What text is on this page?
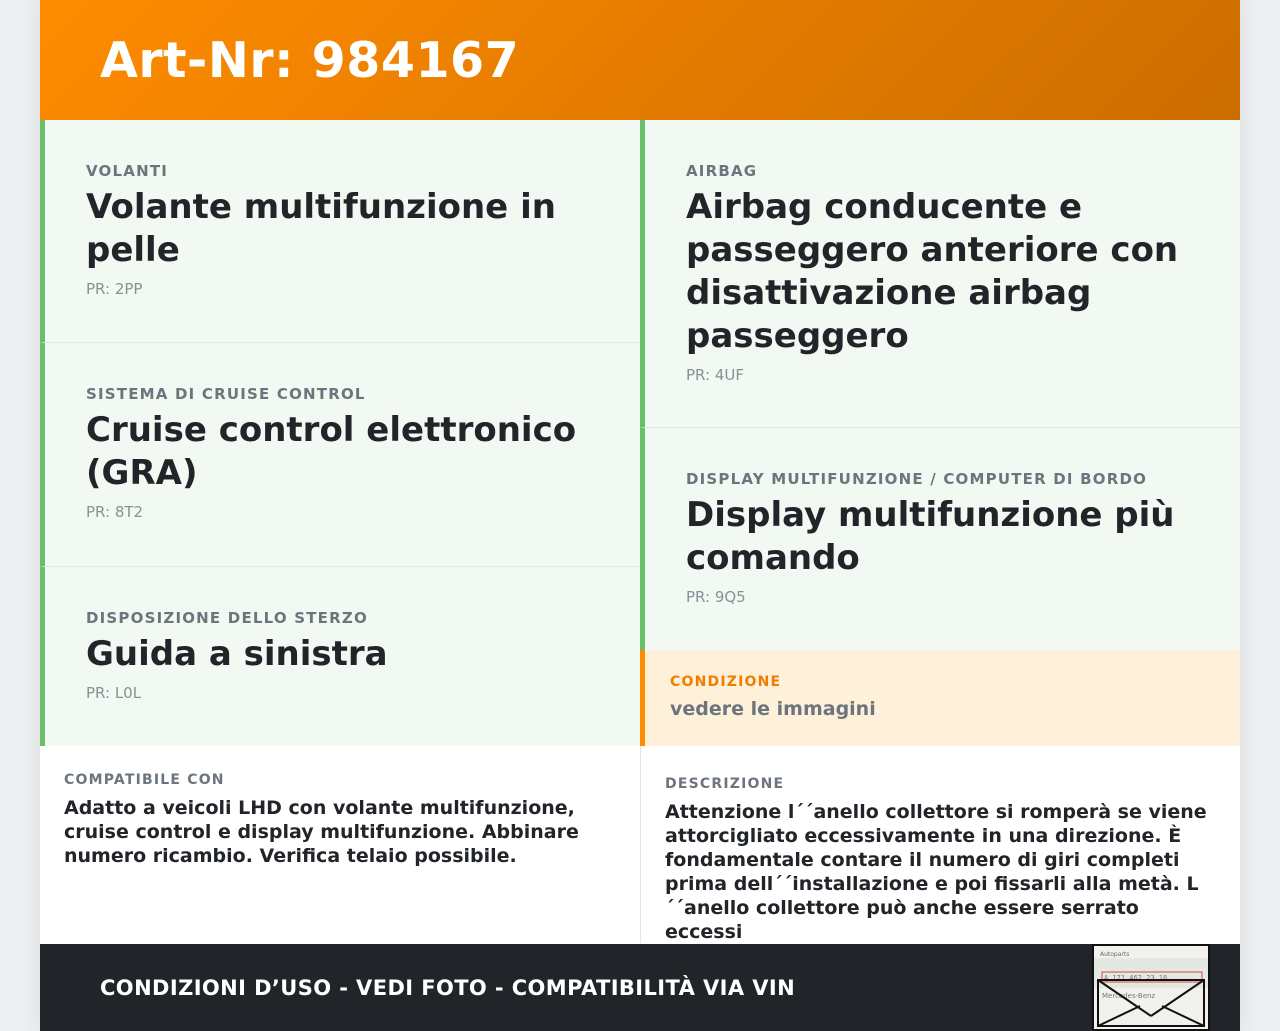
Art-Nr: 984167

VOLANTI

Volante multifunzione in pelle

PR: 2PP

SISTEMA DI CRUISE CONTROL

Cruise control elettronico (GRA)

PR: 8T2

DISPOSIZIONE DELLO STERZO

Guida a sinistra

PR: L0L

AIRBAG

Airbag conducente e passeggero anteriore con disattivazione airbag passeggero

PR: 4UF

DISPLAY MULTIFUNZIONE / COMPUTER DI BORDO

Display multifunzione più comando

PR: 9Q5

CONDIZIONE

vedere le immagini

COMPATIBILE CON

Adatto a veicoli LHD con volante multifunzione, cruise control e display multifunzione. Abbinare numero ricambio. Verifica telaio possibile.

DESCRIZIONE

Attenzione l´´anello collettore si romperà se viene attorcigliato eccessivamente in una direzione. È fondamentale contare il numero di giri completi prima dell´´installazione e poi fissarli alla metà. L´´anello collettore può anche essere serrato eccessi

CONDIZIONI D’USO - VEDI FOTO - COMPATIBILITÀ VIA VIN
Autoparts
A 171 462 23 18
Mercedes-Benz
